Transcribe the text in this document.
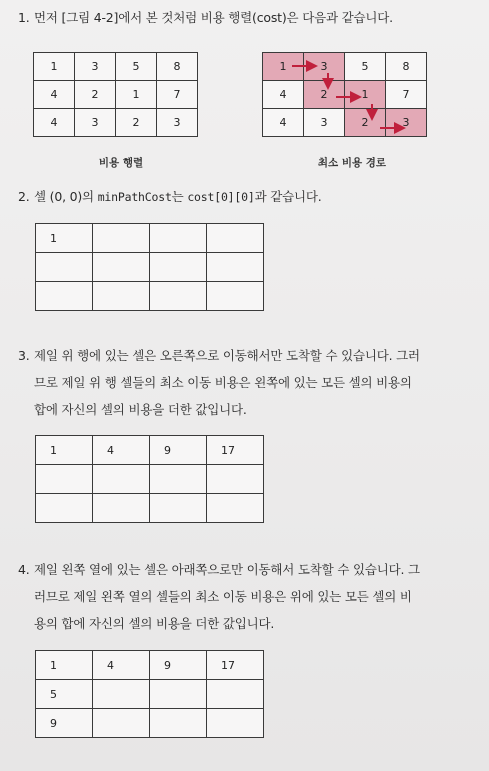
1. 먼저 [그림 4-2]에서 본 것처럼 비용 행렬(cost)은 다음과 같습니다.
1	3	5	8
4	2	1	7
4	3	2	3
비용 행렬
1	3	5	8
4	2	1	7
4	3	2	3
최소 비용 경로
2. 셀 (0, 0)의 minPathCost는 cost[0][0]과 같습니다.
1			

3. 제일 위 행에 있는 셀은 오른쪽으로 이동해서만 도착할 수 있습니다. 그러
므로 제일 위 행 셀들의 최소 이동 비용은 왼쪽에 있는 모든 셀의 비용의
합에 자신의 셀의 비용을 더한 값입니다.
1	4	9	17

4. 제일 왼쪽 열에 있는 셀은 아래쪽으로만 이동해서 도착할 수 있습니다. 그
러므로 제일 왼쪽 열의 셀들의 최소 이동 비용은 위에 있는 모든 셀의 비
용의 합에 자신의 셀의 비용을 더한 값입니다.
1	4	9	17
5			
9			
